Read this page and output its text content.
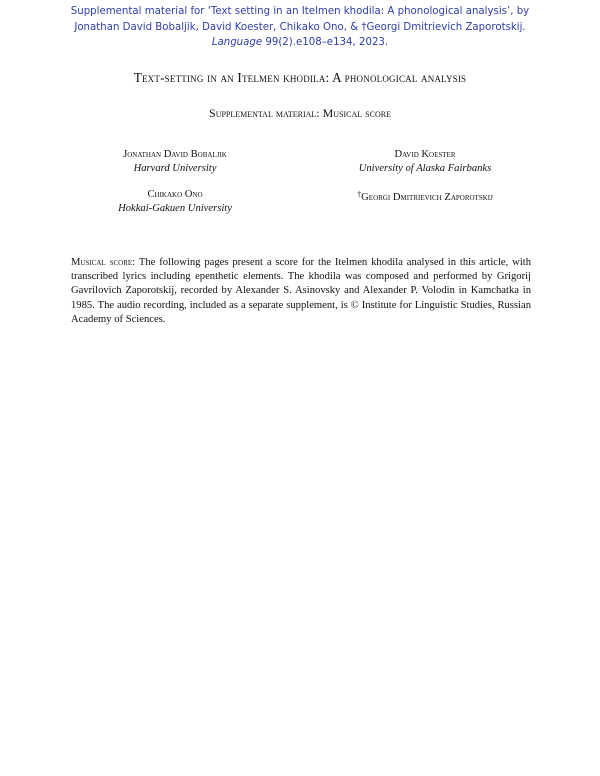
Supplemental material for ‘Text setting in an Itelmen khodila: A phonological analysis’, by
Jonathan David Bobaljik, David Koester, Chikako Ono, & †Georgi Dmitrievich Zaporotskij.
Language 99(2).e108–e134, 2023.
Text-setting in an Itelmen khodila: A phonological analysis
Supplemental material: Musical score
Jonathan David Bobaljik
Harvard University
David Koester
University of Alaska Fairbanks
Chikako Ono
Hokkai-Gakuen University
†Georgi Dmitrievich Zaporotskij
Musical score: The following pages present a score for the Itelmen khodila analysed in this article, with transcribed lyrics including epenthetic elements. The khodila was composed and performed by Grigorij Gavrilovich Zaporotskij, recorded by Alexander S. Asinovsky and Alexander P. Volodin in Kamchatka in 1985. The audio recording, included as a separate supplement, is © Institute for Linguistic Studies, Russian Academy of Sciences.
